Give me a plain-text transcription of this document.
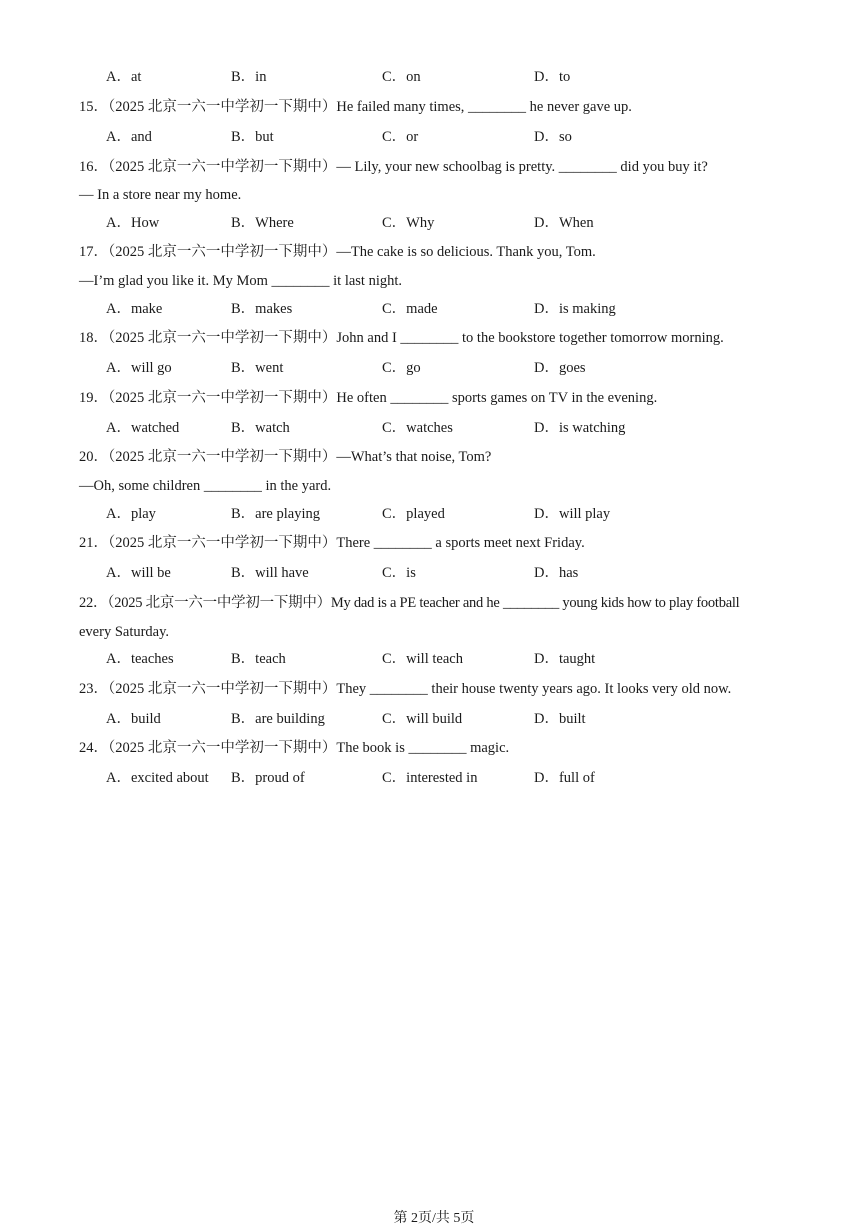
A．at	B．in	C．on	D．to
15．（2025 北京一六一中学初一下期中）He failed many times, ________ he never gave up.
A．and	B．but	C．or	D．so
16．（2025 北京一六一中学初一下期中）— Lily, your new schoolbag is pretty. ________ did you buy it?
— In a store near my home.
A．How	B．Where	C．Why	D．When
17．（2025 北京一六一中学初一下期中）—The cake is so delicious. Thank you, Tom.
—I’m glad you like it. My Mom ________ it last night.
A．make	B．makes	C．made	D．is making
18．（2025 北京一六一中学初一下期中）John and I ________ to the bookstore together tomorrow morning.
A．will go	B．went	C．go	D．goes
19．（2025 北京一六一中学初一下期中）He often ________ sports games on TV in the evening.
A．watched	B．watch	C．watches	D．is watching
20．（2025 北京一六一中学初一下期中）—What’s that noise, Tom?
—Oh, some children ________ in the yard.
A．play	B．are playing	C．played	D．will play
21．（2025 北京一六一中学初一下期中）There ________ a sports meet next Friday.
A．will be	B．will have	C．is	D．has
22．（2025 北京一六一中学初一下期中）My dad is a PE teacher and he ________ young kids how to play football
every Saturday.
A．teaches	B．teach	C．will teach	D．taught
23．（2025 北京一六一中学初一下期中）They ________ their house twenty years ago. It looks very old now.
A．build	B．are building	C．will build	D．built
24．（2025 北京一六一中学初一下期中）The book is ________ magic.
A．excited about B．proud of	C．interested in	D．full of
第 2页/共 5页
